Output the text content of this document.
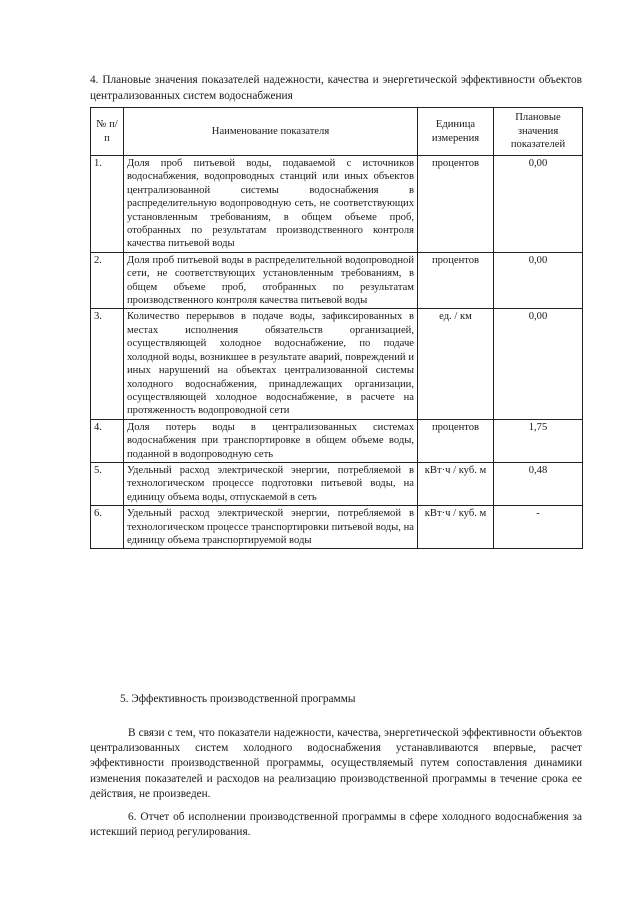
4. Плановые значения показателей надежности, качества и энергетической эффективности объектов централизованных систем водоснабжения
№ п/п	Наименование показателя	Единица измерения	Плановые значения показателей
1.	Доля проб питьевой воды, подаваемой с источников водоснабжения, водопроводных станций или иных объектов централизованной системы водоснабжения в распределительную водопроводную сеть, не соответствующих установленным требованиям, в общем объеме проб, отобранных по результатам производственного контроля качества питьевой воды	процентов	0,00
2.	Доля проб питьевой воды в распределительной водопроводной сети, не соответствующих установленным требованиям, в общем объеме проб, отобранных по результатам производственного контроля качества питьевой воды	процентов	0,00
3.	Количество перерывов в подаче воды, зафиксированных в местах исполнения обязательств организацией, осуществляющей холодное водоснабжение, по подаче холодной воды, возникшее в результате аварий, повреждений и иных нарушений на объектах централизованной системы холодного водоснабжения, принадлежащих организации, осуществляющей холодное водоснабжение, в расчете на протяженность водопроводной сети	ед. / км	0,00
4.	Доля потерь воды в централизованных системах водоснабжения при транспортировке в общем объеме воды, поданной в водопроводную сеть	процентов	1,75
5.	Удельный расход электрической энергии, потребляемой в технологическом процессе подготовки питьевой воды, на единицу объема воды, отпускаемой в сеть	кВт·ч / куб. м	0,48
6.	Удельный расход электрической энергии, потребляемой в технологическом процессе транспортировки питьевой воды, на единицу объема транспортируемой воды	кВт·ч / куб. м	-
5. Эффективность производственной программы
В связи с тем, что показатели надежности, качества, энергетической эффективности объектов централизованных систем холодного водоснабжения устанавливаются впервые, расчет эффективности производственной программы, осуществляемый путем сопоставления динамики изменения показателей и расходов на реализацию производственной программы в течение срока ее действия, не произведен.
6. Отчет об исполнении производственной программы в сфере холодного водоснабжения за истекший период регулирования.
